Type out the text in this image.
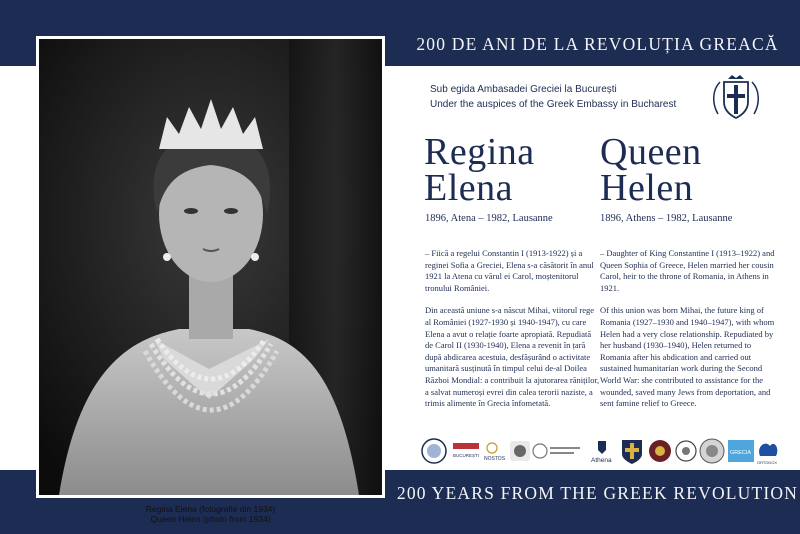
200 DE ANI DE LA REVOLUȚIA GREACĂ
200 YEARS FROM THE GREEK REVOLUTION
Regina Elena (fotografie din 1934)
Queen Helen (photo from 1934)
Sub egida Ambasadei Greciei la București
Under the auspices of the Greek Embassy in Bucharest
Regina
Elena
Queen
Helen
1896, Atena – 1982, Lausanne	1896, Athens – 1982, Lausanne

– Fiică a regelui Constantin I (1913-1922) și a reginei Sofia a Greciei, Elena s-a căsătorit în anul 1921 la Atena cu vărul ei Carol, moștenitorul tronului României.

Din această uniune s-a născut Mihai, viitorul rege al României (1927-1930 și 1940-1947), cu care Elena a avut o relație foarte apropiată. Repudiată de Carol II (1930-1940), Elena a revenit în țară după abdicarea acestuia, desfășurând o activitate umanitară susținută în timpul celui de-al Doilea Război Mondial: a contribuit la ajutorarea răniților, a salvat numeroși evrei din calea terorii naziste, a trimis alimente în Grecia înfometată.

– Daughter of King Constantine I (1913–1922) and Queen Sophia of Greece, Helen married her cousin Carol, heir to the throne of Romania, in Athens in 1921.

Of this union was born Mihai, the future king of Romania (1927–1930 and 1940–1947), with whom Helen had a very close relationship. Repudiated by her husband (1930–1940), Helen returned to Romania after his abdication and carried out sustained humanitarian work during the Second World War: she contributed to assistance for the wounded, saved many Jews from deportation, and sent famine relief to Greece.

BUCUREȘTI
NOSTOS	Athena
GRECIA
ORTODOX
